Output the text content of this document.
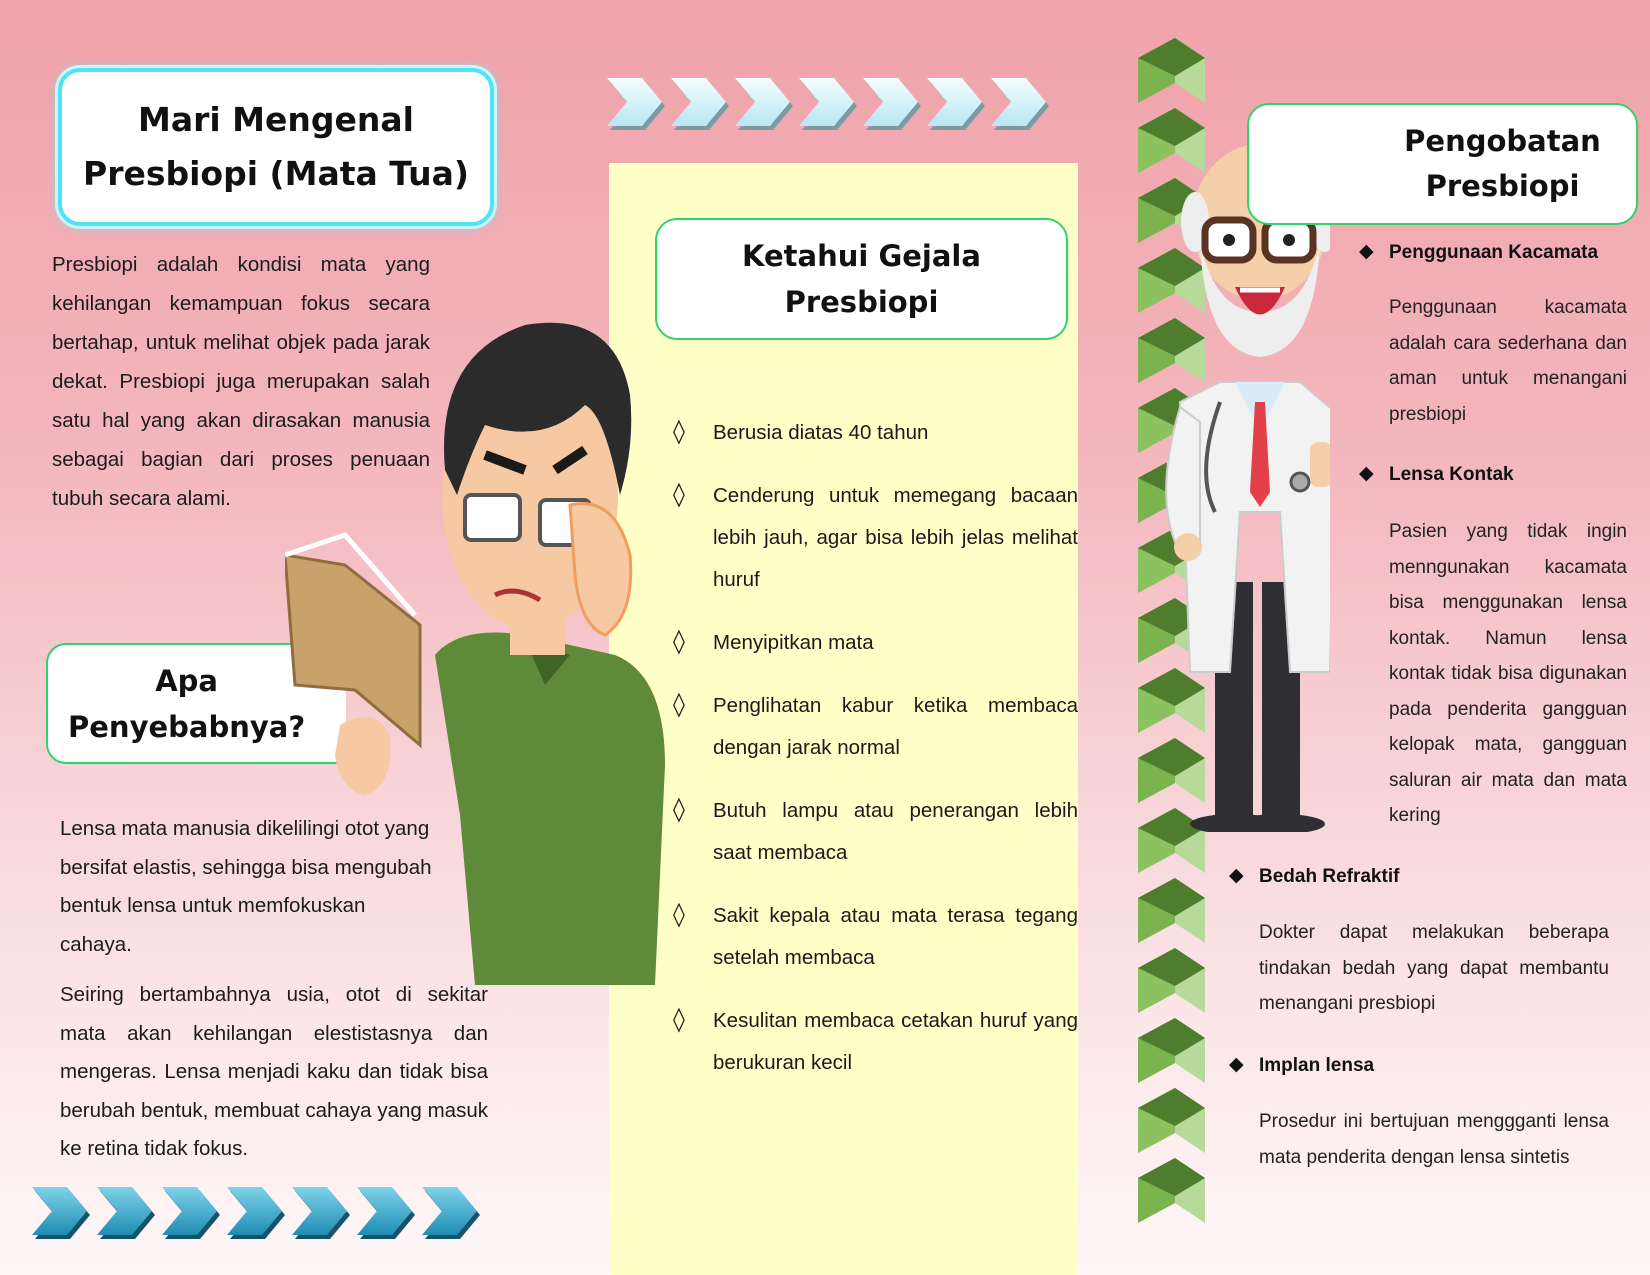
Mari Mengenal Presbiopi (Mata Tua)

Presbiopi adalah kondisi mata yang kehilangan kemampuan fokus secara bertahap, untuk melihat objek pada jarak dekat. Presbiopi juga merupakan salah satu hal yang akan dirasakan manusia sebagai bagian dari proses penuaan tubuh secara alami.

Apa
Penyebabnya?

Lensa mata manusia dikelilingi otot yang bersifat elastis, sehingga bisa mengubah bentuk lensa untuk memfokuskan cahaya.

Seiring bertambahnya usia, otot di sekitar mata akan kehilangan elestistasnya dan mengeras. Lensa menjadi kaku dan tidak bisa berubah bentuk, membuat cahaya yang masuk ke retina tidak fokus.

Ketahui Gejala
Presbiopi
◊ Berusia diatas 40 tahun
◊ Cenderung untuk memegang bacaan lebih jauh, agar bisa lebih jelas melihat huruf
◊ Menyipitkan mata
◊ Penglihatan kabur ketika membaca dengan jarak normal
◊ Butuh lampu atau penerangan lebih saat membaca
◊ Sakit kepala atau mata terasa tegang setelah membaca
◊ Kesulitan membaca cetakan huruf yang berukuran kecil
Pengobatan
Presbiopi
◆ Penggunaan Kacamata
Penggunaan kacamata adalah cara sederhana dan aman untuk menangani presbiopi
◆ Lensa Kontak
Pasien yang tidak ingin menngunakan kacamata bisa menggunakan lensa kontak. Namun lensa kontak tidak bisa digunakan pada penderita gangguan kelopak mata, gangguan saluran air mata dan mata kering
◆ Bedah Refraktif
Dokter dapat melakukan beberapa tindakan bedah yang dapat membantu menangani presbiopi
◆ Implan lensa
Prosedur ini bertujuan menggganti lensa mata penderita dengan lensa sintetis
